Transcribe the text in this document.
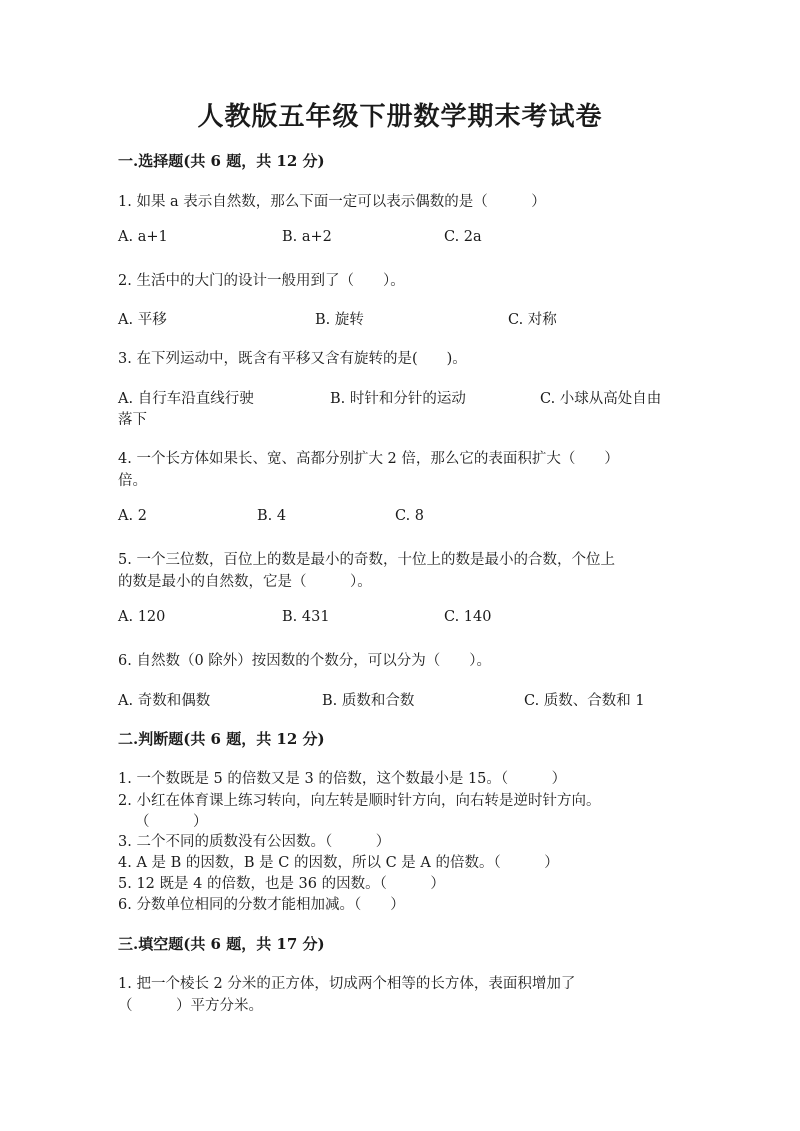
人教版五年级下册数学期末考试卷
一.选择题(共 6 题，共 12 分)
1. 如果 a 表示自然数，那么下面一定可以表示偶数的是（　　　）
A. a+1	B. a+2	C. 2a
2. 生活中的大门的设计一般用到了（　　）。
A. 平移	B. 旋转	C. 对称
3. 在下列运动中，既含有平移又含有旋转的是(　　)。
A. 自行车沿直线行驶	B. 时针和分针的运动	C. 小球从高处自由
落下
4. 一个长方体如果长、宽、高都分别扩大 2 倍，那么它的表面积扩大（　　）
倍。
A. 2	B. 4	C. 8
5. 一个三位数，百位上的数是最小的奇数，十位上的数是最小的合数，个位上
的数是最小的自然数，它是（　　　）。
A. 120	B. 431	C. 140
6. 自然数（0 除外）按因数的个数分，可以分为（　　）。
A. 奇数和偶数	B. 质数和合数	C. 质数、合数和 1
二.判断题(共 6 题，共 12 分)
1. 一个数既是 5 的倍数又是 3 的倍数，这个数最小是 15。（　　　）
2. 小红在体育课上练习转向，向左转是顺时针方向，向右转是逆时针方向。
（　　　）
3. 二个不同的质数没有公因数。（　　　）
4. A 是 B 的因数，B 是 C 的因数，所以 C 是 A 的倍数。（　　　）
5. 12 既是 4 的倍数，也是 36 的因数。（　　　）
6. 分数单位相同的分数才能相加减。（　　）
三.填空题(共 6 题，共 17 分)
1. 把一个棱长 2 分米的正方体，切成两个相等的长方体，表面积增加了
（　　　）平方分米。
